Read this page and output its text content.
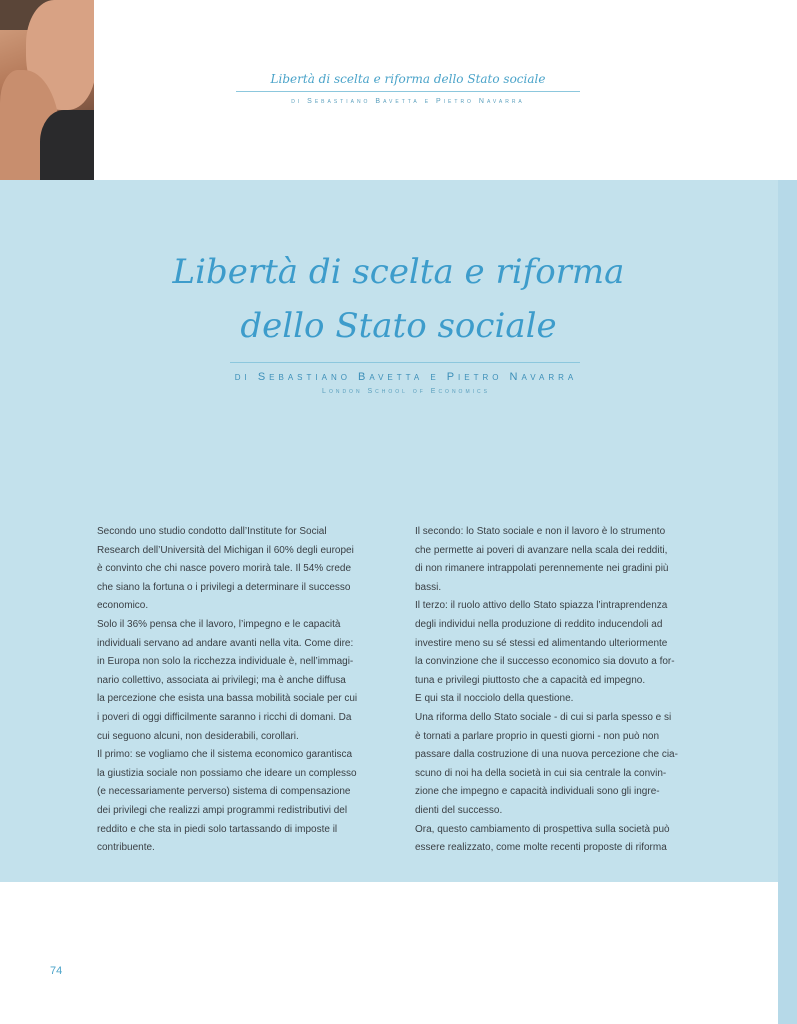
Libertà di scelta e riforma dello Stato sociale
di Sebastiano Bavetta e Pietro Navarra
Libertà di scelta e riforma
dello Stato sociale
di Sebastiano Bavetta e Pietro Navarra
London School of Economics

Secondo uno studio condotto dall’Institute for Social

Research dell’Università del Michigan il 60% degli europei

è convinto che chi nasce povero morirà tale. Il 54% crede

che siano la fortuna o i privilegi a determinare il successo

economico.

Solo il 36% pensa che il lavoro, l’impegno e le capacità

individuali servano ad andare avanti nella vita. Come dire:

in Europa non solo la ricchezza individuale è, nell’immagi-

nario collettivo, associata ai privilegi; ma è anche diffusa

la percezione che esista una bassa mobilità sociale per cui

i poveri di oggi difficilmente saranno i ricchi di domani. Da

cui seguono alcuni, non desiderabili, corollari.

Il primo: se vogliamo che il sistema economico garantisca

la giustizia sociale non possiamo che ideare un complesso

(e necessariamente perverso) sistema di compensazione

dei privilegi che realizzi ampi programmi redistributivi del

reddito e che sta in piedi solo tartassando di imposte il

contribuente.

Il secondo: lo Stato sociale e non il lavoro è lo strumento

che permette ai poveri di avanzare nella scala dei redditi,

di non rimanere intrappolati perennemente nei gradini più

bassi.

Il terzo: il ruolo attivo dello Stato spiazza l’intraprendenza

degli individui nella produzione di reddito inducendoli ad

investire meno su sé stessi ed alimentando ulteriormente

la convinzione che il successo economico sia dovuto a for-

tuna e privilegi piuttosto che a capacità ed impegno.

E qui sta il nocciolo della questione.

Una riforma dello Stato sociale - di cui si parla spesso e si

è tornati a parlare proprio in questi giorni - non può non

passare dalla costruzione di una nuova percezione che cia-

scuno di noi ha della società in cui sia centrale la convin-

zione che impegno e capacità individuali sono gli ingre-

dienti del successo.

Ora, questo cambiamento di prospettiva sulla società può

essere realizzato, come molte recenti proposte di riforma

74
